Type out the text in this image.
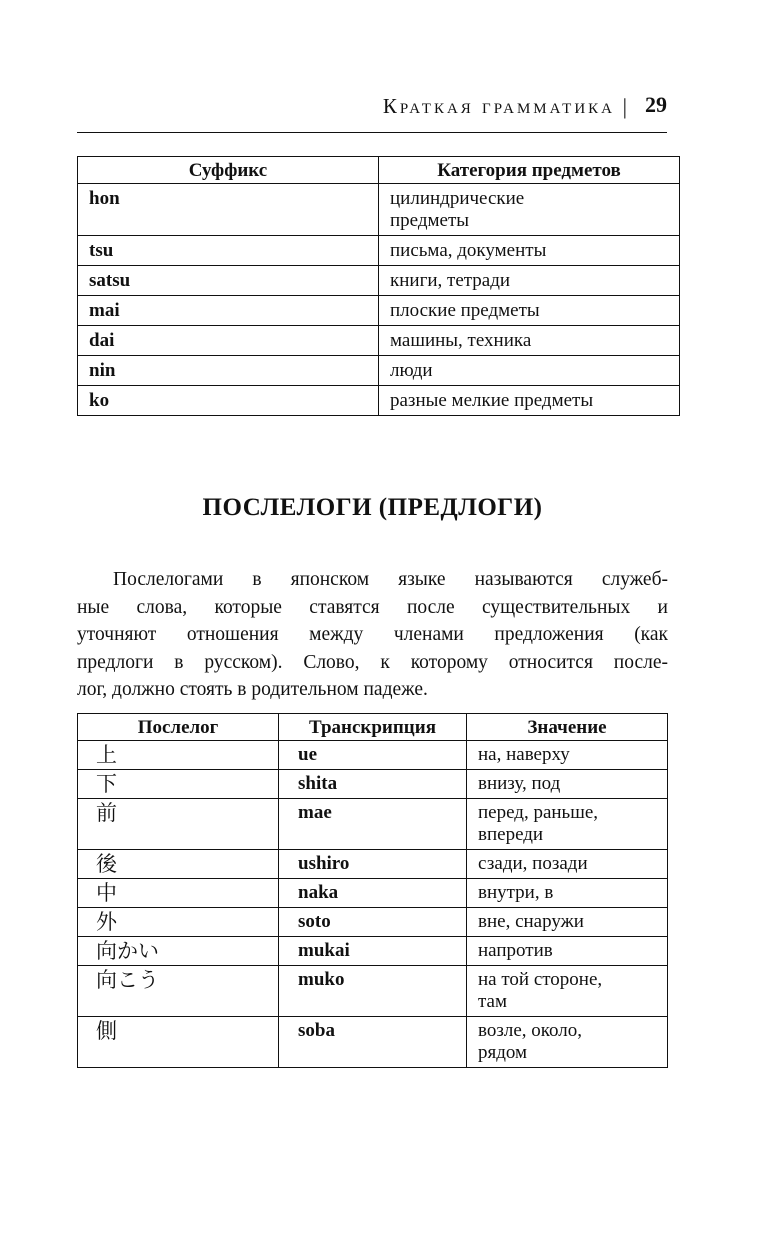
Краткая грамматика | 29
Суффикс	Категория предметов
hon	цилиндрические
предметы
tsu	письма, документы
satsu	книги, тетради
mai	плоские предметы
dai	машины, техника
nin	люди
ko	разные мелкие предметы
ПОСЛЕЛОГИ (ПРЕДЛОГИ)

Послелогами в японском языке называются служеб-
ные слова, которые ставятся после существительных и
уточняют отношения между членами предложения (как
предлоги в русском). Слово, к которому относится после-
лог, должно стоять в родительном падеже.

Послелог	Транскрипция	Значение
上	ue	на, наверху
下	shita	внизу, под
前	mae	перед, раньше,
впереди
後	ushiro	сзади, позади
中	naka	внутри, в
外	soto	вне, снаружи
向かい	mukai	напротив
向こう	muko	на той стороне,
там
側	soba	возле, около,
рядом
